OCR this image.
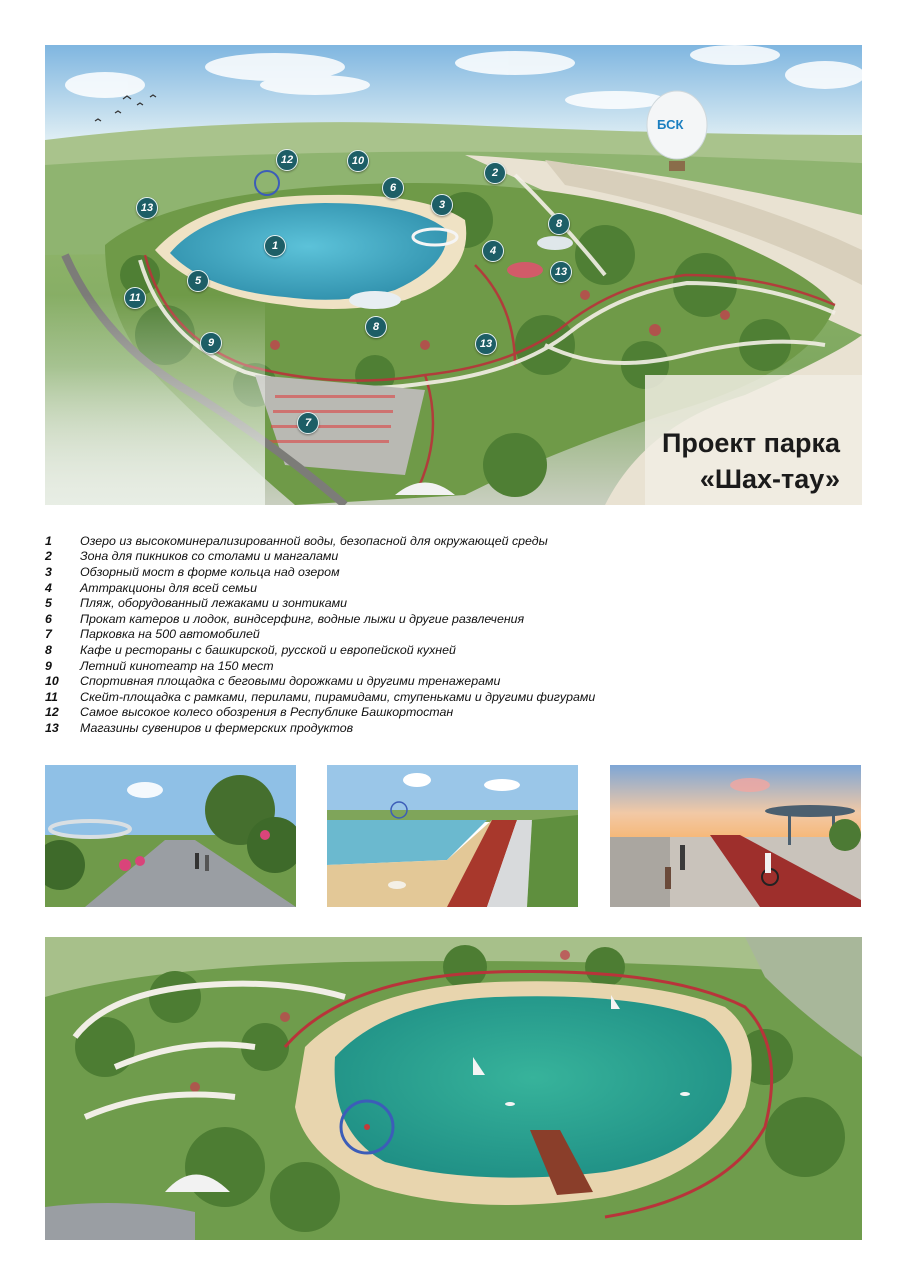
БСК
1
2
3
4
5
6
7
8
8
9
10
11
12
13
13
13
Проект парка
«Шах-тау»
1	Озеро из высокоминерализированной воды, безопасной для окружающей среды
2	Зона для пикников со столами и мангалами
3	Обзорный мост в форме кольца над озером
4	Аттракционы для всей семьи
5	Пляж, оборудованный лежаками и зонтиками
6	Прокат катеров и лодок, виндсерфинг, водные лыжи и другие развлечения
7	Парковка на 500 автомобилей
8	Кафе и рестораны с башкирской, русской и европейской кухней
9	Летний кинотеатр на 150 мест
10	Спортивная площадка с беговыми дорожками и другими тренажерами
11	Скейт-площадка с рамками, перилами, пирамидами, ступеньками и другими фигурами
12	Самое высокое колесо обозрения в Республике Башкортостан
13	Магазины сувениров и фермерских продуктов
